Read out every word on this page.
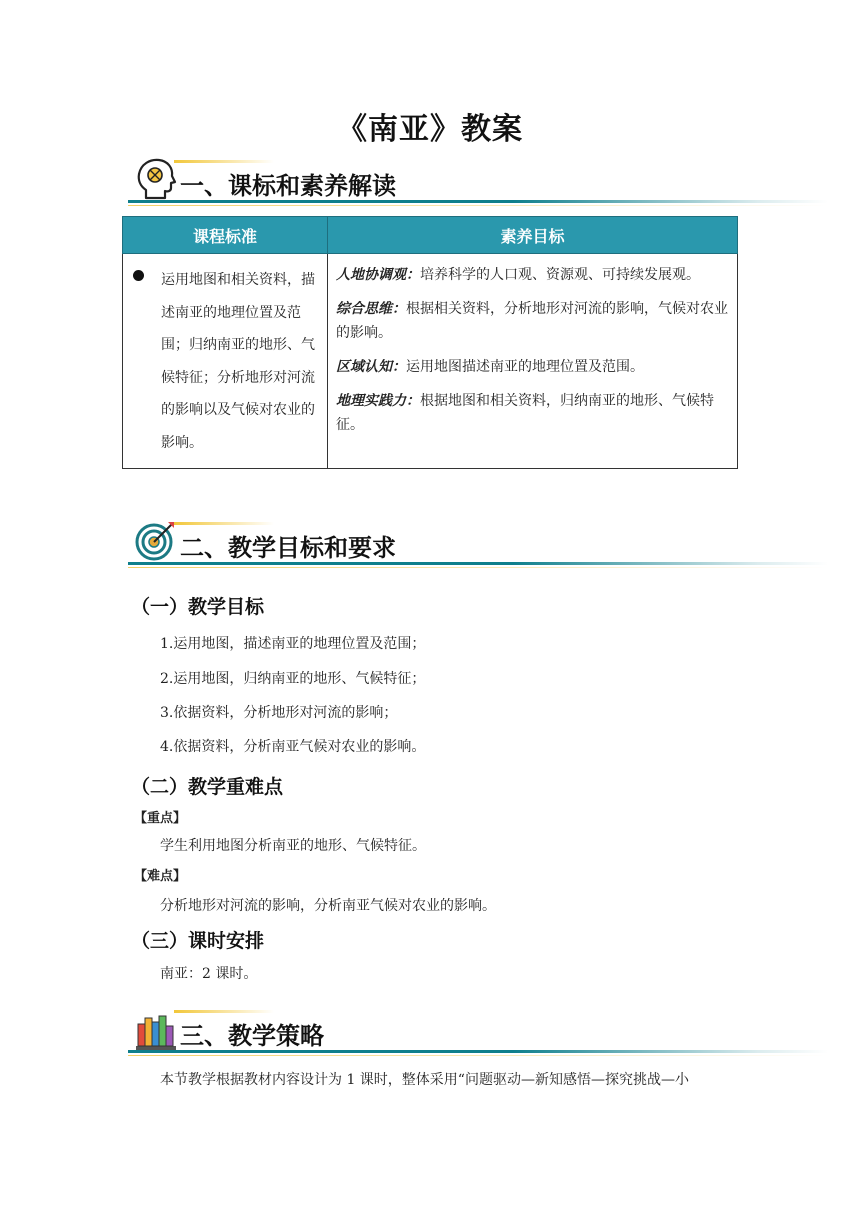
《南亚》教案
一、课标和素养解读
课程标准	素养目标

运用地图和相关资料，描述南亚的地理位置及范围；归纳南亚的地形、气候特征；分析地形对河流的影响以及气候对农业的影响。	人地协调观：培养科学的人口观、资源观、可持续发展观。

综合思维：根据相关资料，分析地形对河流的影响，气候对农业的影响。

区域认知：运用地图描述南亚的地理位置及范围。

地理实践力：根据地图和相关资料，归纳南亚的地形、气候特征。

二、教学目标和要求
（一）教学目标
1.运用地图，描述南亚的地理位置及范围；
2.运用地图，归纳南亚的地形、气候特征；
3.依据资料，分析地形对河流的影响；
4.依据资料，分析南亚气候对农业的影响。
（二）教学重难点
【重点】
学生利用地图分析南亚的地形、气候特征。
【难点】
分析地形对河流的影响，分析南亚气候对农业的影响。
（三）课时安排
南亚：2 课时。
三、教学策略
本节教学根据教材内容设计为 1 课时，整体采用“问题驱动—新知感悟—探究挑战—小
